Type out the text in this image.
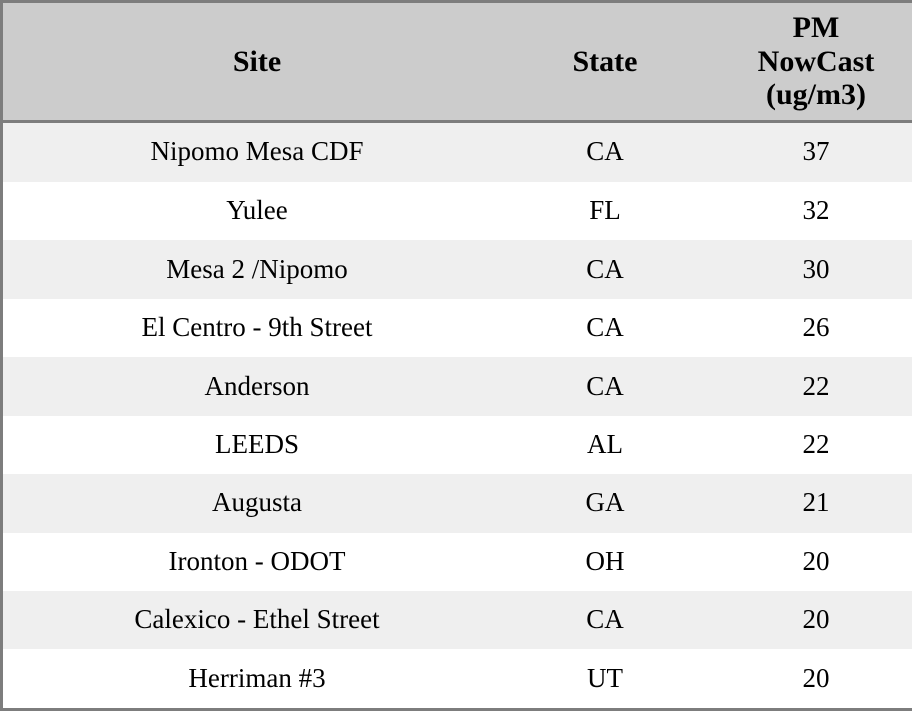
Site	State	PM
NowCast
(ug/m3)

Nipomo Mesa CDF	CA	37
Yulee	FL	32
Mesa 2 /Nipomo	CA	30
El Centro - 9th Street	CA	26
Anderson	CA	22
LEEDS	AL	22
Augusta	GA	21
Ironton - ODOT	OH	20
Calexico - Ethel Street	CA	20
Herriman #3	UT	20
